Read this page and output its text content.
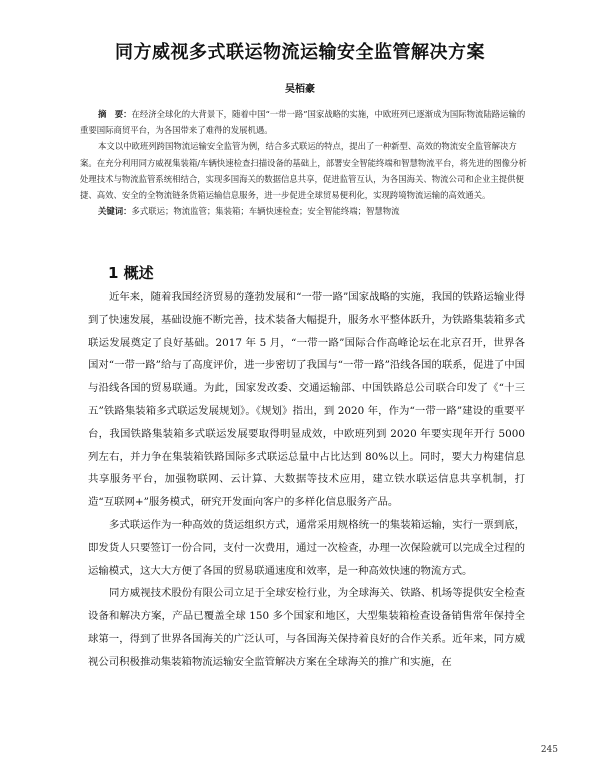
同方威视多式联运物流运输安全监管解决方案
吴栢豪

摘　要：在经济全球化的大背景下，随着中国“一带一路”国家战略的实施，中欧班列已逐渐成为国际物流陆路运输的重要国际商贸平台，为各国带来了难得的发展机遇。

本文以中欧班列跨国物流运输安全监管为例，结合多式联运的特点，提出了一种新型、高效的物流安全监管解决方案。在充分利用同方威视集装箱/车辆快速检查扫描设备的基础上，部署安全智能终端和智慧物流平台，将先进的图像分析处理技术与物流监管系统相结合，实现多国海关的数据信息共享，促进监管互认，为各国海关、物流公司和企业主提供便捷、高效、安全的全物流链条货箱运输信息服务，进一步促进全球贸易便利化，实现跨境物流运输的高效通关。

关键词：多式联运；物流监管；集装箱；车辆快速检查；安全智能终端；智慧物流

1 概述

近年来，随着我国经济贸易的蓬勃发展和“一带一路”国家战略的实施，我国的铁路运输业得到了快速发展，基础设施不断完善，技术装备大幅提升，服务水平整体跃升，为铁路集装箱多式联运发展奠定了良好基础。2017 年 5 月，“一带一路”国际合作高峰论坛在北京召开，世界各国对“一带一路”给与了高度评价，进一步密切了我国与“一带一路”沿线各国的联系，促进了中国与沿线各国的贸易联通。为此，国家发改委、交通运输部、中国铁路总公司联合印发了《“十三五”铁路集装箱多式联运发展规划》。《规划》指出，到 2020 年，作为“一带一路”建设的重要平台，我国铁路集装箱多式联运发展要取得明显成效，中欧班列到 2020 年要实现年开行 5000 列左右，并力争在集装箱铁路国际多式联运总量中占比达到 80%以上。同时，要大力构建信息共享服务平台，加强物联网、云计算、大数据等技术应用，建立铁水联运信息共享机制，打造“互联网+”服务模式，研究开发面向客户的多样化信息服务产品。

多式联运作为一种高效的货运组织方式，通常采用规格统一的集装箱运输，实行一票到底，即发货人只要签订一份合同，支付一次费用，通过一次检查，办理一次保险就可以完成全过程的运输模式，这大大方便了各国的贸易联通速度和效率，是一种高效快速的物流方式。

同方威视技术股份有限公司立足于全球安检行业，为全球海关、铁路、机场等提供安全检查设备和解决方案，产品已覆盖全球 150 多个国家和地区，大型集装箱检查设备销售常年保持全球第一，得到了世界各国海关的广泛认可，与各国海关保持着良好的合作关系。近年来，同方威视公司积极推动集装箱物流运输安全监管解决方案在全球海关的推广和实施，在

245
